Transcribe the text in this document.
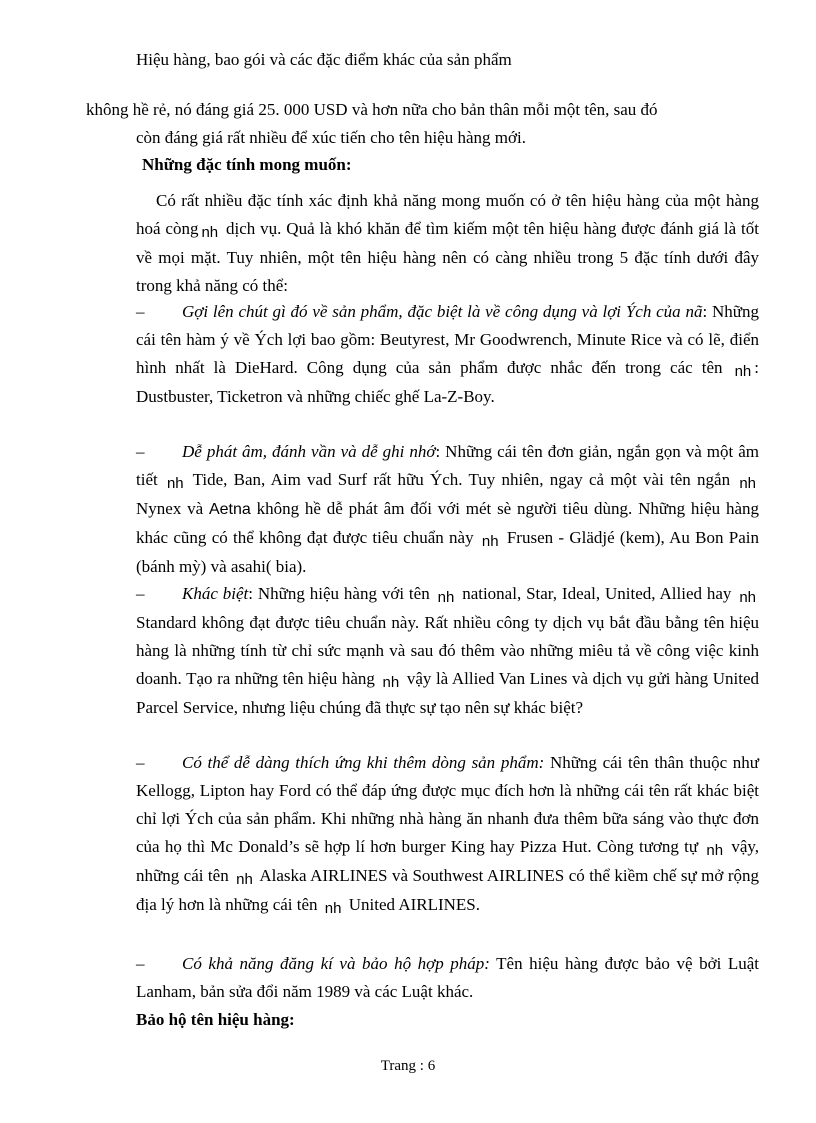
Hiệu hàng, bao gói và các đặc điểm khác của sản phẩm
không hề rẻ, nó đáng giá 25. 000 USD và hơn nữa cho bản thân mỗi một tên, sau đó
còn đáng giá rất nhiều để xúc tiến cho tên hiệu hàng mới.
Những đặc tính mong muốn:
Có rất nhiều đặc tính xác định khả năng mong muốn có ở tên hiệu hàng của một hàng hoá còng nh dịch vụ. Quả là khó khăn để tìm kiếm một tên hiệu hàng được đánh giá là tốt về mọi mặt. Tuy nhiên, một tên hiệu hàng nên có càng nhiều trong 5 đặc tính dưới đây trong khả năng có thể:
– Gợi lên chút gì đó về sản phẩm, đặc biệt là về công dụng và lợi Ých của nã: Những cái tên hàm ý về Ých lợi bao gồm: Beutyrest, Mr Goodwrench, Minute Rice và có lẽ, điển hình nhất là DieHard. Công dụng của sản phẩm được nhắc đến trong các tên nh : Dustbuster, Ticketron và những chiếc ghế La-Z-Boy.
– Dễ phát âm, đánh vần và dễ ghi nhớ: Những cái tên đơn giản, ngắn gọn và một âm tiết nh Tide, Ban, Aim vad Surf rất hữu Ých. Tuy nhiên, ngay cả một vài tên ngắn nh Nynex và Aetna không hề dễ phát âm đối với mét sè người tiêu dùng. Những hiệu hàng khác cũng có thể không đạt được tiêu chuẩn này nh Frusen - Glädjé (kem), Au Bon Pain (bánh mỳ) và asahi( bia).
– Khác biệt: Những hiệu hàng với tên nh national, Star, Ideal, United, Allied hay nh Standard không đạt được tiêu chuẩn này. Rất nhiều công ty dịch vụ bắt đầu bằng tên hiệu hàng là những tính từ chỉ sức mạnh và sau đó thêm vào những miêu tả về công việc kinh doanh. Tạo ra những tên hiệu hàng nh vậy là Allied Van Lines và dịch vụ gửi hàng United Parcel Service, nhưng liệu chúng đã thực sự tạo nên sự khác biệt?
– Có thể dễ dàng thích ứng khi thêm dòng sản phẩm: Những cái tên thân thuộc như Kellogg, Lipton hay Ford có thể đáp ứng được mục đích hơn là những cái tên rất khác biệt chỉ lợi Ých của sản phẩm. Khi những nhà hàng ăn nhanh đưa thêm bữa sáng vào thực đơn của họ thì Mc Donald’s sẽ hợp lí hơn burger King hay Pizza Hut. Còng tương tự nh vậy, những cái tên nh Alaska AIRLINES và Southwest AIRLINES có thể kiềm chế sự mở rộng địa lý hơn là những cái tên nh United AIRLINES.
– Có khả năng đăng kí và bảo hộ hợp pháp: Tên hiệu hàng được bảo vệ bởi Luật Lanham, bản sửa đổi năm 1989 và các Luật khác.
Bảo hộ tên hiệu hàng:
Trang : 6
